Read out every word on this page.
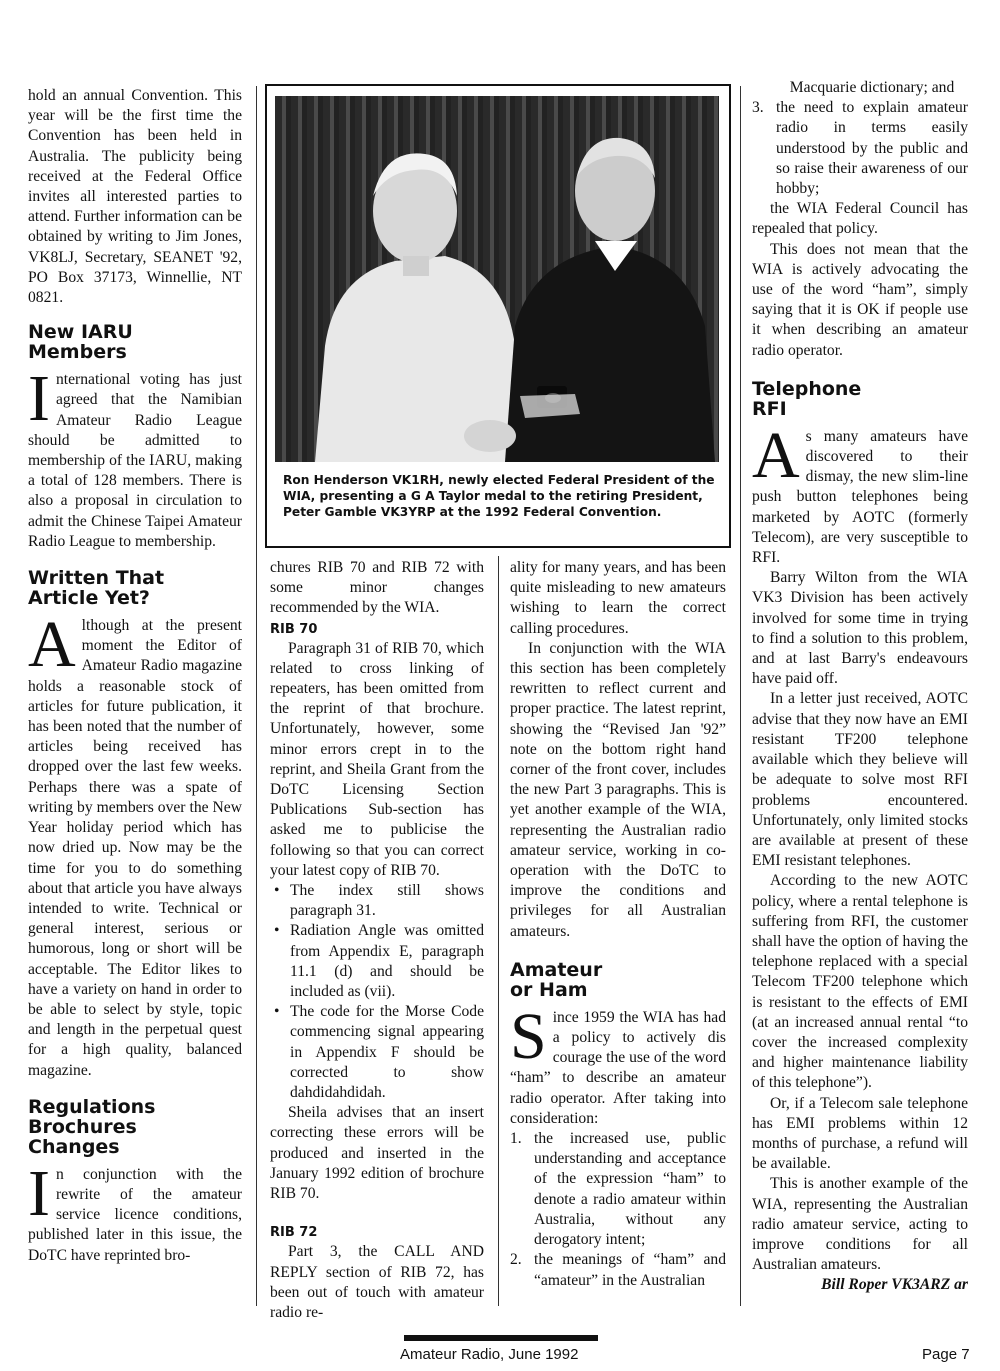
hold an annual Convention. This year will be the first time the Convention has been held in Australia. The publicity being received at the Federal Office invites all interested parties to attend. Further information can be obtained by writing to Jim Jones, VK8LJ, Secretary, SEANET '92, PO Box 37173, Winnellie, NT 0821.

New IARU Members

International voting has just agreed that the Namibian Amateur Radio League should be admitted to membership of the IARU, making a total of 128 members. There is also a proposal in circulation to admit the Chinese Taipei Amateur Radio League to membership.

Written That Article Yet?

Although at the present moment the Editor of Amateur Radio magazine holds a reasonable stock of articles for future publication, it has been noted that the number of articles being received has dropped over the last few weeks. Perhaps there was a spate of writing by members over the New Year holiday period which has now dried up. Now may be the time for you to do something about that article you have always intended to write. Technical or general interest, serious or humorous, long or short will be acceptable. The Editor likes to have a variety on hand in order to be able to select by style, topic and length in the perpetual quest for a high quality, balanced magazine.

Regulations Brochures Changes

In conjunction with the rewrite of the amateur service licence conditions, published later in this issue, the DoTC have reprinted bro-

Ron Henderson VK1RH, newly elected Federal President of the WIA, presenting a G A Taylor medal to the retiring President, Peter Gamble VK3YRP at the 1992 Federal Convention.

chures RIB 70 and RIB 72 with some minor changes recommended by the WIA.

RIB 70

Paragraph 31 of RIB 70, which related to cross linking of repeaters, has been omitted from the reprint of that brochure. Unfortunately, however, some minor errors crept in to the reprint, and Sheila Grant from the DoTC Licensing Section Publications Sub-section has asked me to publicise the following so that you can correct your latest copy of RIB 70.

• The index still shows paragraph 31.
• Radiation Angle was omitted from Appendix E, paragraph 11.1 (d) and should be included as (vii).
• The code for the Morse Code commencing signal appearing in Appendix F should be corrected to show dahdidahdidah.

Sheila advises that an insert correcting these errors will be produced and inserted in the January 1992 edition of brochure RIB 70.

RIB 72

Part 3, the CALL AND REPLY section of RIB 72, has been out of touch with amateur radio re-

ality for many years, and has been quite misleading to new amateurs wishing to learn the correct calling procedures.

In conjunction with the WIA this section has been completely rewritten to reflect current and proper practice. The latest reprint, showing the “Revised Jan '92” note on the bottom right hand corner of the front cover, includes the new Part 3 paragraphs. This is yet another example of the WIA, representing the Australian radio amateur service, working in co-operation with the DoTC to improve the conditions and privileges for all Australian amateurs.

Amateur or Ham

Since 1959 the WIA has had a policy to actively dis courage the use of the word “ham” to describe an amateur radio operator. After taking into consideration:

1. the increased use, public understanding and acceptance of the expression “ham” to denote a radio amateur within Australia, without any derogatory intent;
2. the meanings of “ham” and “amateur” in the Australian

Macquarie dictionary; and

3. the need to explain amateur radio in terms easily understood by the public and so raise their awareness of our hobby;

the WIA Federal Council has repealed that policy.

This does not mean that the WIA is actively advocating the use of the word “ham”, simply saying that it is OK if people use it when describing an amateur radio operator.

Telephone RFI

As many amateurs have discovered to their dismay, the new slim-line push button telephones being marketed by AOTC (formerly Telecom), are very susceptible to RFI.

Barry Wilton from the WIA VK3 Division has been actively involved for some time in trying to find a solution to this problem, and at last Barry's endeavours have paid off.

In a letter just received, AOTC advise that they now have an EMI resistant TF200 telephone available which they believe will be adequate to solve most RFI problems encountered. Unfortunately, only limited stocks are available at present of these EMI resistant telephones.

According to the new AOTC policy, where a rental telephone is suffering from RFI, the customer shall have the option of having the telephone replaced with a special Telecom TF200 telephone which is resistant to the effects of EMI (at an increased annual rental “to cover the increased complexity and higher maintenance liability of this telephone”).

Or, if a Telecom sale telephone has EMI problems within 12 months of purchase, a refund will be available.

This is another example of the WIA, representing the Australian radio amateur service, acting to improve conditions for all Australian amateurs.

Bill Roper VK3ARZ ar
Amateur Radio, June 1992	Page 7
